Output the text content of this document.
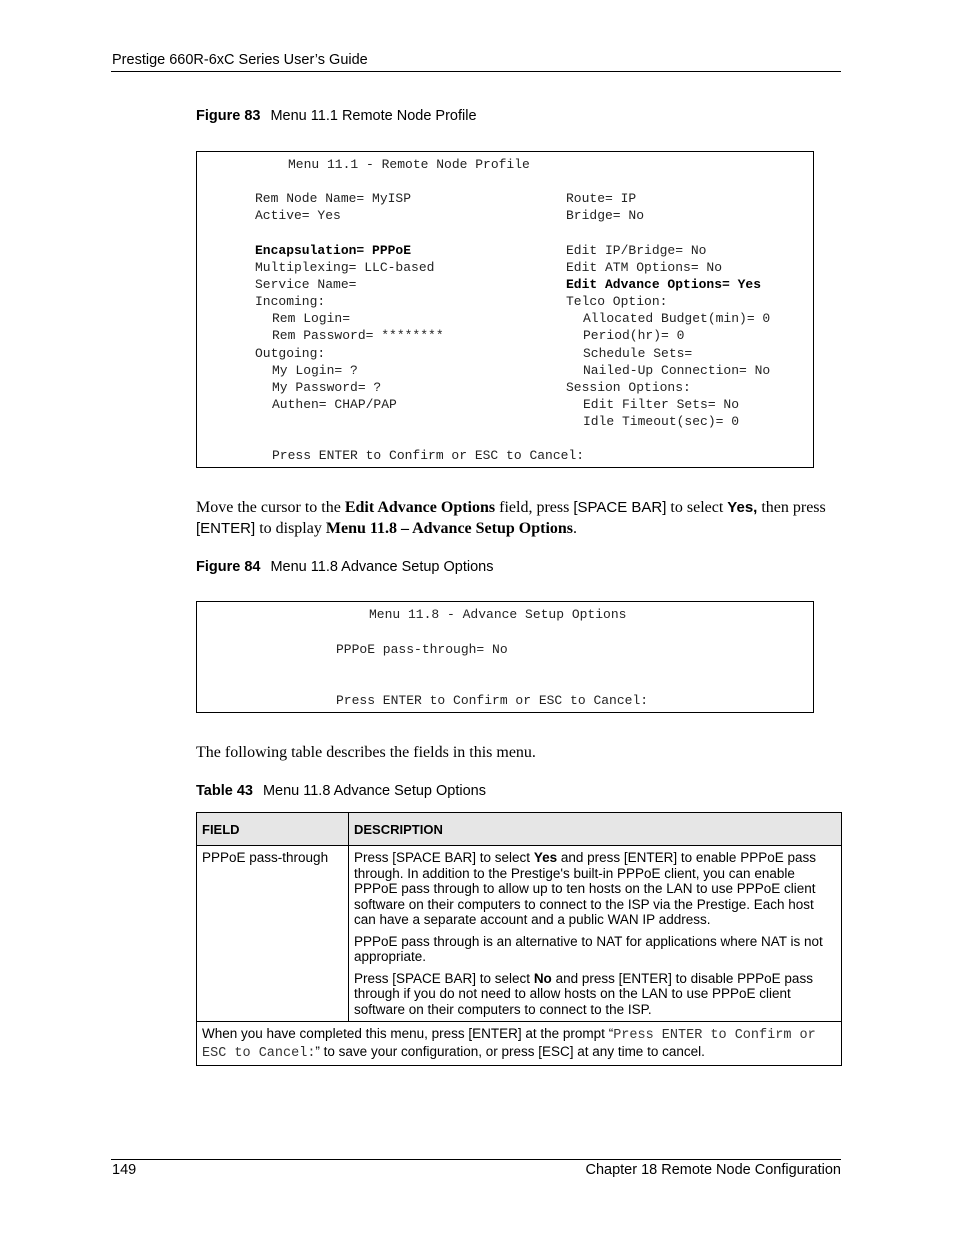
Prestige 660R-6xC Series User’s Guide
Figure 83 Menu 11.1 Remote Node Profile
Menu 11.1 - Remote Node Profile
Rem Node Name= MyISP	Route= IP
Active= Yes	Bridge= No
Encapsulation= PPPoE	Edit IP/Bridge= No
Multiplexing= LLC-based	Edit ATM Options= No
Service Name=	Edit Advance Options= Yes
Incoming:	Telco Option:
Rem Login=	Allocated Budget(min)= 0
Rem Password= ********	Period(hr)= 0
Outgoing:	Schedule Sets=
My Login= ?	Nailed-Up Connection= No
My Password= ?	Session Options:
Authen= CHAP/PAP	Edit Filter Sets= No
Idle Timeout(sec)= 0
Press ENTER to Confirm or ESC to Cancel:
Move the cursor to the Edit Advance Options field, press [SPACE BAR] to select Yes, then press [ENTER] to display Menu 11.8 – Advance Setup Options.
Figure 84 Menu 11.8 Advance Setup Options
Menu 11.8 - Advance Setup Options
PPPoE pass-through= No
Press ENTER to Confirm or ESC to Cancel:
The following table describes the fields in this menu.
Table 43 Menu 11.8 Advance Setup Options
FIELD	DESCRIPTION
PPPoE pass-through	Press [SPACE BAR] to select Yes and press [ENTER] to enable PPPoE pass through. In addition to the Prestige's built-in PPPoE client, you can enable PPPoE pass through to allow up to ten hosts on the LAN to use PPPoE client software on their computers to connect to the ISP via the Prestige. Each host can have a separate account and a public WAN IP address.

PPPoE pass through is an alternative to NAT for applications where NAT is not appropriate.

Press [SPACE BAR] to select No and press [ENTER] to disable PPPoE pass through if you do not need to allow hosts on the LAN to use PPPoE client software on their computers to connect to the ISP.

When you have completed this menu, press [ENTER] at the prompt “Press ENTER to Confirm or ESC to Cancel:” to save your configuration, or press [ESC] at any time to cancel.	
149	Chapter 18 Remote Node Configuration
